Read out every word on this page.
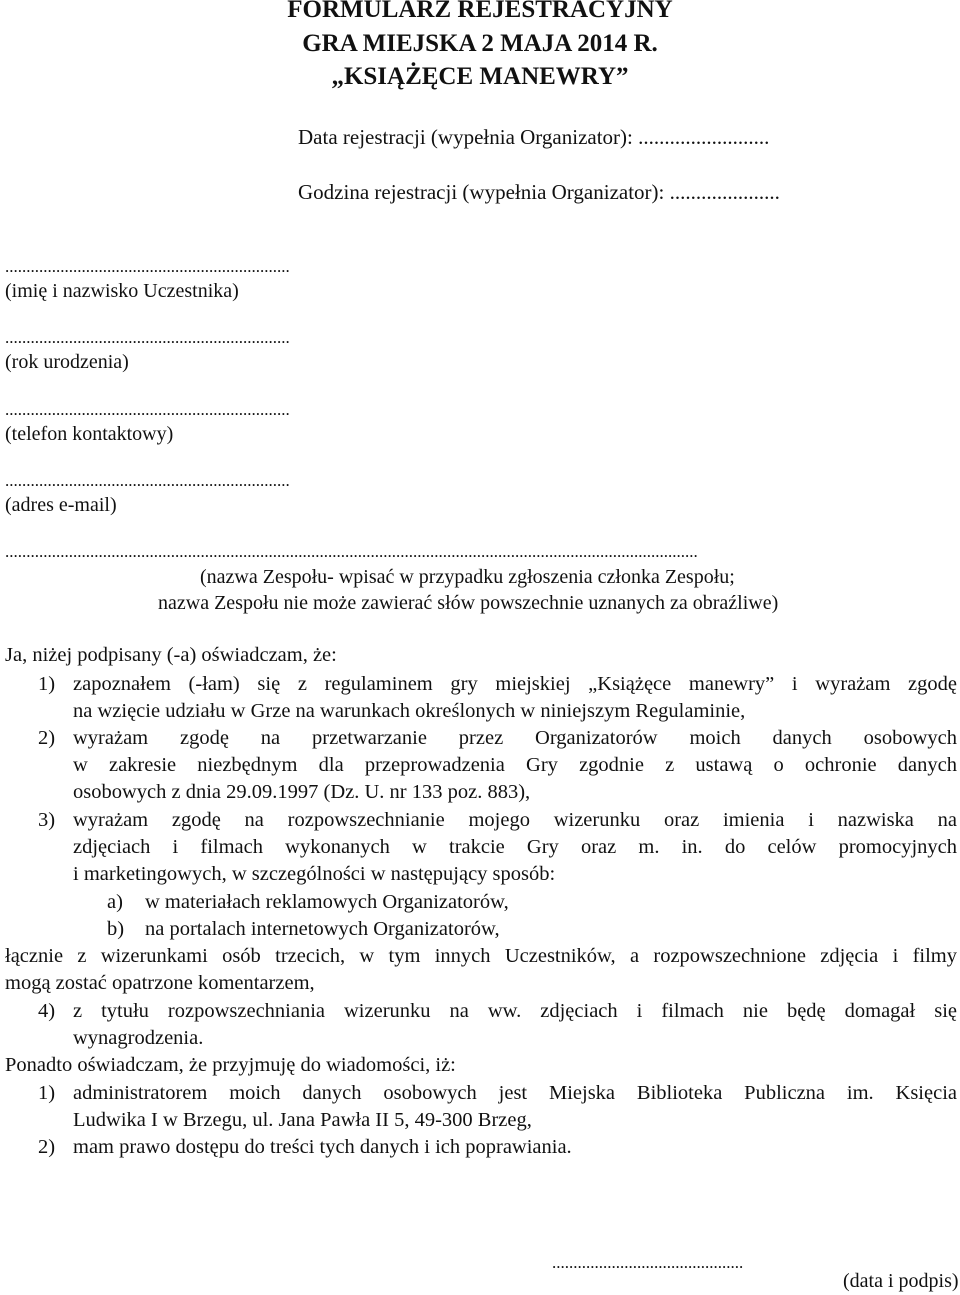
FORMULARZ REJESTRACYJNY
GRA MIEJSKA 2 MAJA 2014 R.
„KSIĄŻĘCE MANEWRY”
Data rejestracji (wypełnia Organizator): .........................
Godzina rejestracji (wypełnia Organizator): .....................
...................................................................
(imię i nazwisko Uczestnika)
...................................................................
(rok urodzenia)
...................................................................
(telefon kontaktowy)
...................................................................
(adres e-mail)
...................................................................................................................................................................
(nazwa Zespołu- wpisać w przypadku zgłoszenia członka Zespołu;
nazwa Zespołu nie może zawierać słów powszechnie uznanych za obraźliwe)
Ja, niżej podpisany (-a) oświadczam, że:
1) zapoznałem (-łam) się z regulaminem gry miejskiej „Książęce manewry” i wyrażam zgodę
na wzięcie udziału w Grze na warunkach określonych w niniejszym Regulaminie,
2) wyrażam zgodę na przetwarzanie przez Organizatorów moich danych osobowych
w zakresie niezbędnym dla przeprowadzenia Gry zgodnie z ustawą o ochronie danych
osobowych z dnia 29.09.1997 (Dz. U. nr 133 poz. 883),
3) wyrażam zgodę na rozpowszechnianie mojego wizerunku oraz imienia i nazwiska na
zdjęciach i filmach wykonanych w trakcie Gry oraz m. in. do celów promocyjnych
i marketingowych, w szczególności w następujący sposób:
a) w materiałach reklamowych Organizatorów,
b) na portalach internetowych Organizatorów,
łącznie z wizerunkami osób trzecich, w tym innych Uczestników, a rozpowszechnione zdjęcia i filmy
mogą zostać opatrzone komentarzem,
4) z tytułu rozpowszechniania wizerunku na ww. zdjęciach i filmach nie będę domagał się
wynagrodzenia.
Ponadto oświadczam, że przyjmuję do wiadomości, iż:
1) administratorem moich danych osobowych jest Miejska Biblioteka Publiczna im. Księcia
Ludwika I w Brzegu, ul. Jana Pawła II 5, 49-300 Brzeg,
2) mam prawo dostępu do treści tych danych i ich poprawiania.
.............................................
(data i podpis)
